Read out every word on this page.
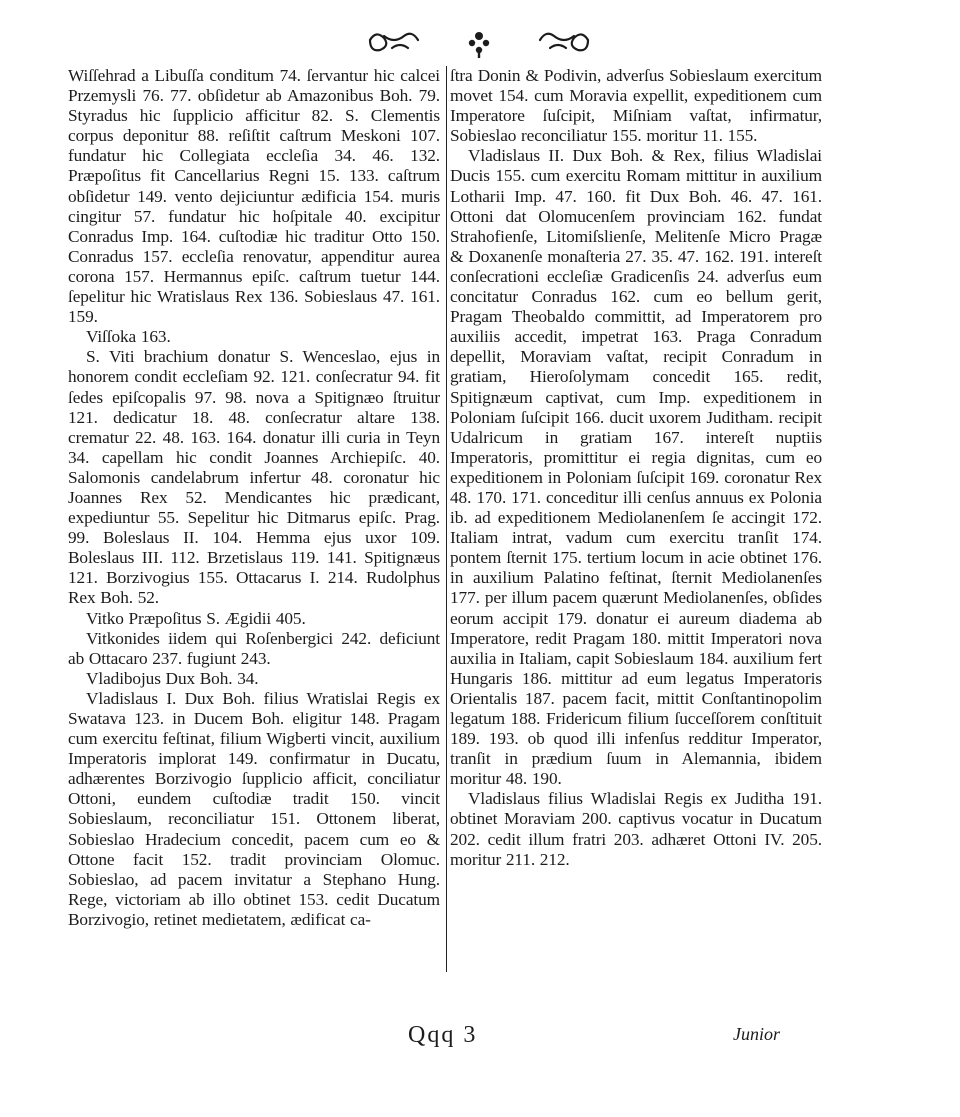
Wiſſehrad a Libuſſa conditum 74. ſervantur hic calcei Przemysli 76. 77. obſidetur ab Amazonibus Boh. 79. Styradus hic ſupplicio afficitur 82. S. Clementis corpus deponitur 88. reſiſtit caſtrum Meskoni 107. fundatur hic Collegiata eccleſia 34. 46. 132. Præpoſitus fit Cancellarius Regni 15. 133. caſtrum obſidetur 149. vento dejiciuntur ædificia 154. muris cingitur 57. fundatur hic hoſpitale 40. excipitur Conradus Imp. 164. cuſtodiæ hic traditur Otto 150. Conradus 157. eccleſia renovatur, appenditur aurea corona 157. Hermannus epiſc. caſtrum tuetur 144. ſepelitur hic Wratislaus Rex 136. Sobieslaus 47. 161. 159.

Viſſoka 163.

S. Viti brachium donatur S. Wenceslao, ejus in honorem condit eccleſiam 92. 121. conſecratur 94. fit ſedes epiſcopalis 97. 98. nova a Spitignæo ſtruitur 121. dedicatur 18. 48. conſecratur altare 138. crematur 22. 48. 163. 164. donatur illi curia in Teyn 34. capellam hic condit Joannes Archiepiſc. 40. Salomonis candelabrum infertur 48. coronatur hic Joannes Rex 52. Mendicantes hic prædicant, expediuntur 55. Sepelitur hic Ditmarus epiſc. Prag. 99. Boleslaus II. 104. Hemma ejus uxor 109. Boleslaus III. 112. Brzetislaus 119. 141. Spitignæus 121. Borzivogius 155. Ottacarus I. 214. Rudolphus Rex Boh. 52.

Vitko Præpoſitus S. Ægidii 405.

Vitkonides iidem qui Roſenbergici 242. deficiunt ab Ottacaro 237. fugiunt 243.

Vladibojus Dux Boh. 34.

Vladislaus I. Dux Boh. filius Wratislai Regis ex Swatava 123. in Ducem Boh. eligitur 148. Pragam cum exercitu feſtinat, filium Wigberti vincit, auxilium Imperatoris implorat 149. confirmatur in Ducatu, adhærentes Borzivogio ſupplicio afficit, conciliatur Ottoni, eundem cuſtodiæ tradit 150. vincit Sobieslaum, reconciliatur 151. Ottonem liberat, Sobieslao Hradecium concedit, pacem cum eo & Ottone facit 152. tradit provinciam Olomuc. Sobieslao, ad pacem invitatur a Stephano Hung. Rege, victoriam ab illo obtinet 153. cedit Ducatum Borzivogio, retinet medietatem, ædificat ca-

ſtra Donin & Podivin, adverſus Sobieslaum exercitum movet 154. cum Moravia expellit, expeditionem cum Imperatore ſuſcipit, Miſniam vaſtat, infirmatur, Sobieslao reconciliatur 155. moritur 11. 155.

Vladislaus II. Dux Boh. & Rex, filius Wladislai Ducis 155. cum exercitu Romam mittitur in auxilium Lotharii Imp. 47. 160. fit Dux Boh. 46. 47. 161. Ottoni dat Olomucenſem provinciam 162. fundat Strahofienſe, Litomiſslienſe, Melitenſe Micro Pragæ & Doxanenſe monaſteria 27. 35. 47. 162. 191. intereſt conſecrationi eccleſiæ Gradicenſis 24. adverſus eum concitatur Conradus 162. cum eo bellum gerit, Pragam Theobaldo committit, ad Imperatorem pro auxiliis accedit, impetrat 163. Praga Conradum depellit, Moraviam vaſtat, recipit Conradum in gratiam, Hieroſolymam concedit 165. redit, Spitignæum captivat, cum Imp. expeditionem in Poloniam ſuſcipit 166. ducit uxorem Juditham. recipit Udalricum in gratiam 167. intereſt nuptiis Imperatoris, promittitur ei regia dignitas, cum eo expeditionem in Poloniam ſuſcipit 169. coronatur Rex 48. 170. 171. conceditur illi cenſus annuus ex Polonia ib. ad expeditionem Mediolanenſem ſe accingit 172. Italiam intrat, vadum cum exercitu tranſit 174. pontem ſternit 175. tertium locum in acie obtinet 176. in auxilium Palatino feſtinat, ſternit Mediolanenſes 177. per illum pacem quærunt Mediolanenſes, obſides eorum accipit 179. donatur ei aureum diadema ab Imperatore, redit Pragam 180. mittit Imperatori nova auxilia in Italiam, capit Sobieslaum 184. auxilium fert Hungaris 186. mittitur ad eum legatus Imperatoris Orientalis 187. pacem facit, mittit Conſtantinopolim legatum 188. Fridericum filium ſucceſſorem conſtituit 189. 193. ob quod illi infenſus redditur Imperator, tranſit in prædium ſuum in Alemannia, ibidem moritur 48. 190.

Vladislaus filius Wladislai Regis ex Juditha 191. obtinet Moraviam 200. captivus vocatur in Ducatum 202. cedit illum fratri 203. adhæret Ottoni IV. 205. moritur 211. 212.

Qqq 3	Junior
